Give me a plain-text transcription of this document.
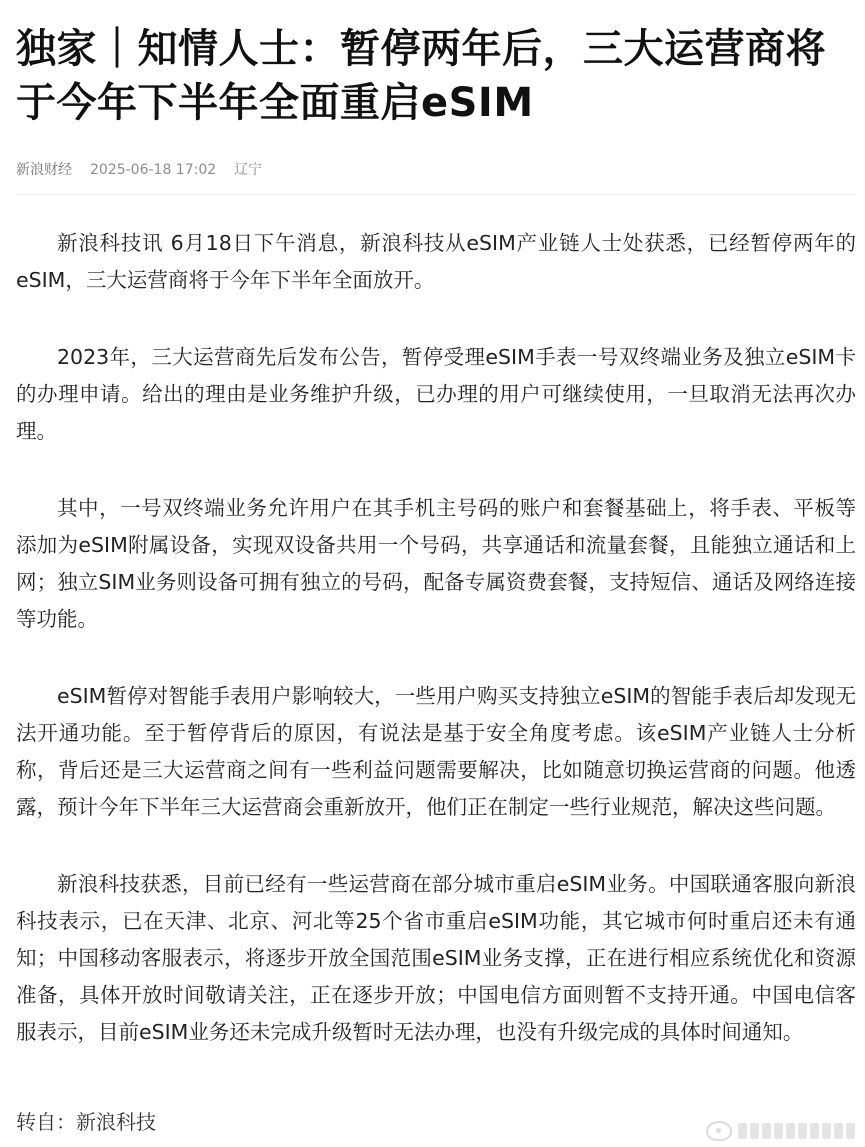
独家｜知情人士：暂停两年后，三大运营商将于今年下半年全面重启eSIM
新浪财经 2025-06-18 17:02 辽宁

新浪科技讯 6月18日下午消息，新浪科技从eSIM产业链人士处获悉，已经暂停两年的eSIM，三大运营商将于今年下半年全面放开。

2023年，三大运营商先后发布公告，暂停受理eSIM手表一号双终端业务及独立eSIM卡的办理申请。给出的理由是业务维护升级，已办理的用户可继续使用，一旦取消无法再次办理。

其中，一号双终端业务允许用户在其手机主号码的账户和套餐基础上，将手表、平板等添加为eSIM附属设备，实现双设备共用一个号码，共享通话和流量套餐，且能独立通话和上网；独立SIM业务则设备可拥有独立的号码，配备专属资费套餐，支持短信、通话及网络连接等功能。

eSIM暂停对智能手表用户影响较大，一些用户购买支持独立eSIM的智能手表后却发现无法开通功能。至于暂停背后的原因，有说法是基于安全角度考虑。该eSIM产业链人士分析称，背后还是三大运营商之间有一些利益问题需要解决，比如随意切换运营商的问题。他透露，预计今年下半年三大运营商会重新放开，他们正在制定一些行业规范，解决这些问题。

新浪科技获悉，目前已经有一些运营商在部分城市重启eSIM业务。中国联通客服向新浪科技表示，已在天津、北京、河北等25个省市重启eSIM功能，其它城市何时重启还未有通知；中国移动客服表示，将逐步开放全国范围eSIM业务支撑，正在进行相应系统优化和资源准备，具体开放时间敬请关注，正在逐步开放；中国电信方面则暂不支持开通。中国电信客服表示，目前eSIM业务还未完成升级暂时无法办理，也没有升级完成的具体时间通知。

转自：新浪科技
